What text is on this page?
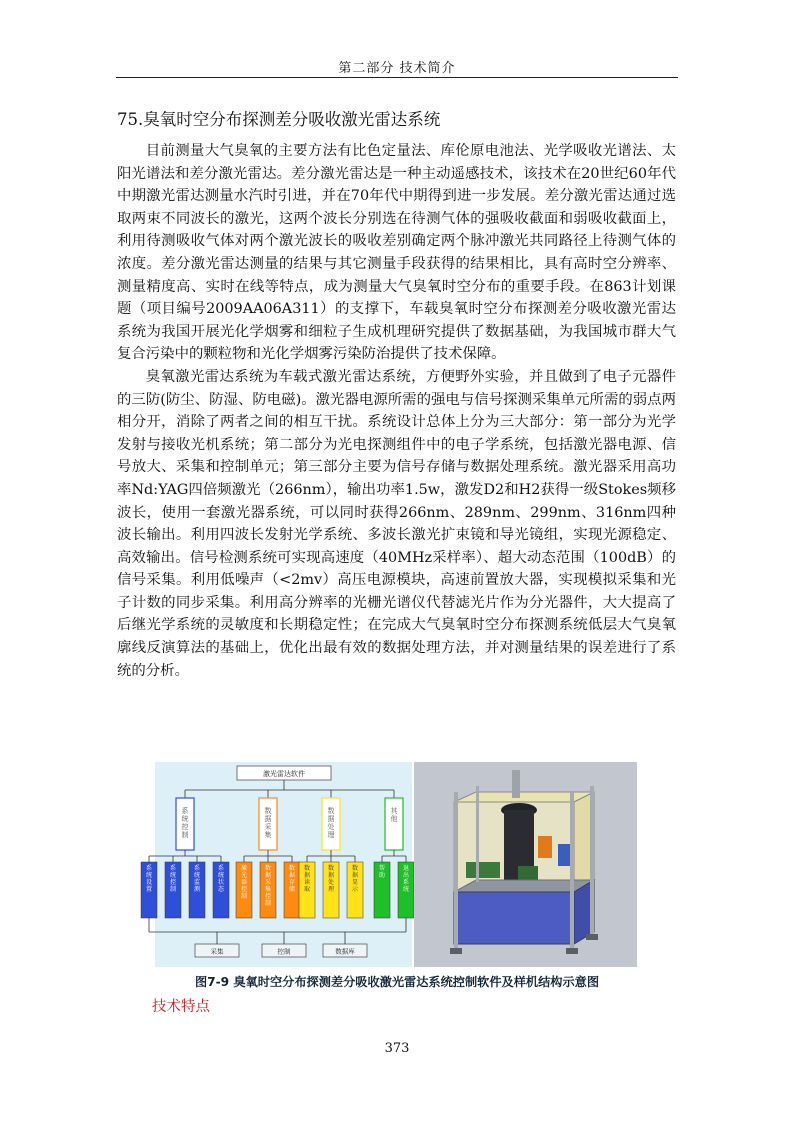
第二部分 技术简介
75.臭氧时空分布探测差分吸收激光雷达系统

目前测量大气臭氧的主要方法有比色定量法、库伦原电池法、光学吸收光谱法、太阳光谱法和差分激光雷达。差分激光雷达是一种主动遥感技术，该技术在20世纪60年代中期激光雷达测量水汽时引进，并在70年代中期得到进一步发展。差分激光雷达通过选取两束不同波长的激光，这两个波长分别选在待测气体的强吸收截面和弱吸收截面上，利用待测吸收气体对两个激光波长的吸收差别确定两个脉冲激光共同路径上待测气体的浓度。差分激光雷达测量的结果与其它测量手段获得的结果相比，具有高时空分辨率、测量精度高、实时在线等特点，成为测量大气臭氧时空分布的重要手段。在863计划课题（项目编号2009AA06A311）的支撑下，车载臭氧时空分布探测差分吸收激光雷达系统为我国开展光化学烟雾和细粒子生成机理研究提供了数据基础，为我国城市群大气复合污染中的颗粒物和光化学烟雾污染防治提供了技术保障。

臭氧激光雷达系统为车载式激光雷达系统，方便野外实验，并且做到了电子元器件的三防(防尘、防湿、防电磁)。激光器电源所需的强电与信号探测采集单元所需的弱点两相分开，消除了两者之间的相互干扰。系统设计总体上分为三大部分：第一部分为光学发射与接收光机系统；第二部分为光电探测组件中的电子学系统，包括激光器电源、信号放大、采集和控制单元；第三部分主要为信号存储与数据处理系统。激光器采用高功率Nd:YAG四倍频激光（266nm），输出功率1.5w，激发D2和H2获得一级Stokes频移波长，使用一套激光器系统，可以同时获得266nm、289nm、299nm、316nm四种波长输出。利用四波长发射光学系统、多波长激光扩束镜和导光镜组，实现光源稳定、高效输出。信号检测系统可实现高速度（40MHz采样率）、超大动态范围（100dB）的信号采集。利用低噪声（<2mv）高压电源模块，高速前置放大器，实现模拟采集和光子计数的同步采集。利用高分辨率的光栅光谱仪代替滤光片作为分光器件，大大提高了后继光学系统的灵敏度和长期稳定性；在完成大气臭氧时空分布探测系统低层大气臭氧廓线反演算法的基础上，优化出最有效的数据处理方法，并对测量结果的误差进行了系统的分析。

激光雷达软件
系统控制
系统设置
系统控制
系统监测
系统状态
数据采集
激光器控制
数据采集控制
数据存储
数据处理
数据读取
数据处理
数据显示
其他
帮助
退出系统
采集	控制	数据库
图7-9 臭氧时空分布探测差分吸收激光雷达系统控制软件及样机结构示意图
技术特点
373
